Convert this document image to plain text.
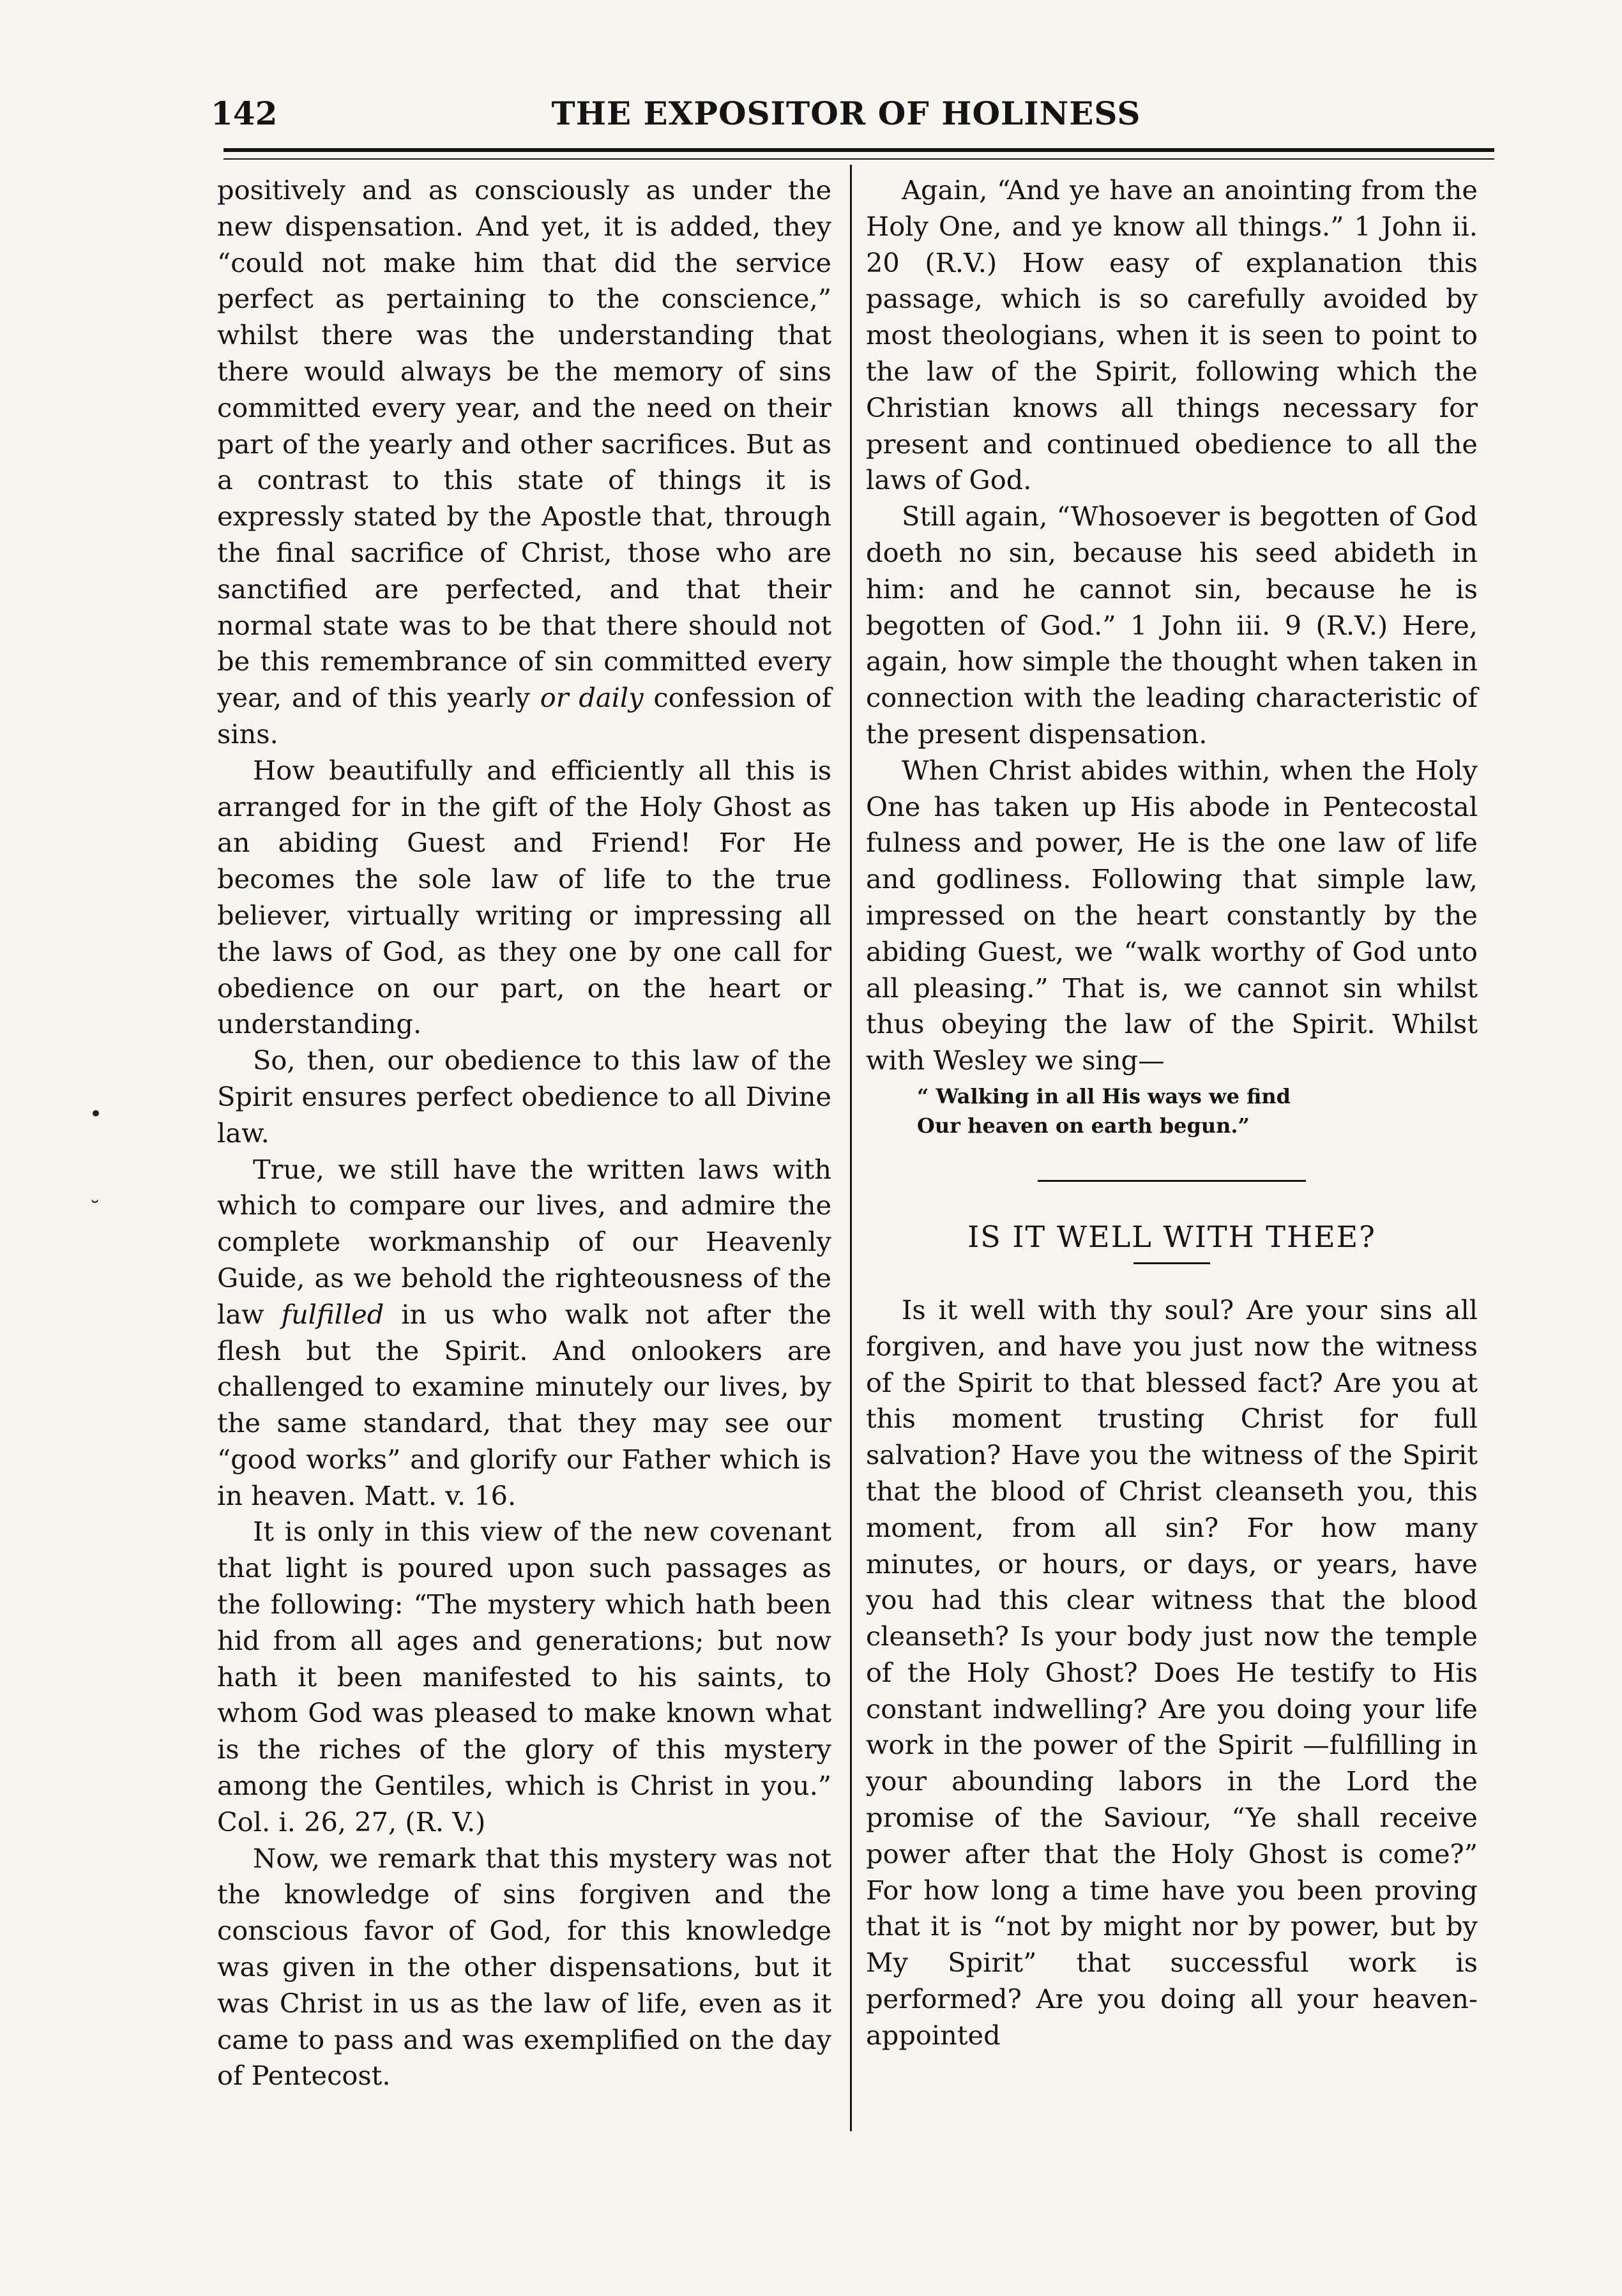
142	THE EXPOSITOR OF HOLINESS
•
˘

positively and as consciously as under the new dispensation. And yet, it is added, they “could not make him that did the service perfect as pertaining to the conscience,” whilst there was the understanding that there would always be the memory of sins committed every year, and the need on their part of the yearly and other sacrifices. But as a contrast to this state of things it is expressly stated by the Apostle that, through the final sacrifice of Christ, those who are sanctified are perfected, and that their normal state was to be that there should not be this remembrance of sin committed every year, and of this yearly or daily confession of sins.

How beautifully and efficiently all this is arranged for in the gift of the Holy Ghost as an abiding Guest and Friend! For He becomes the sole law of life to the true believer, virtually writing or impressing all the laws of God, as they one by one call for obedience on our part, on the heart or understanding.

So, then, our obedience to this law of the Spirit ensures perfect obedience to all Divine law.

True, we still have the written laws with which to compare our lives, and admire the complete workmanship of our Heavenly Guide, as we behold the righteousness of the law fulfilled in us who walk not after the flesh but the Spirit. And onlookers are challenged to examine minutely our lives, by the same standard, that they may see our “good works” and glorify our Father which is in heaven. Matt. v. 16.

It is only in this view of the new covenant that light is poured upon such passages as the following: “The mystery which hath been hid from all ages and generations; but now hath it been manifested to his saints, to whom God was pleased to make known what is the riches of the glory of this mystery among the Gentiles, which is Christ in you.” Col. i. 26, 27, (R. V.)

Now, we remark that this mystery was not the knowledge of sins forgiven and the conscious favor of God, for this knowledge was given in the other dispensations, but it was Christ in us as the law of life, even as it came to pass and was exemplified on the day of Pentecost.

Again, “And ye have an anointing from the Holy One, and ye know all things.” 1 John ii. 20 (R.V.) How easy of explanation this passage, which is so carefully avoided by most theologians, when it is seen to point to the law of the Spirit, following which the Christian knows all things necessary for present and continued obedience to all the laws of God.

Still again, “Whosoever is begotten of God doeth no sin, because his seed abideth in him: and he cannot sin, because he is begotten of God.” 1 John iii. 9 (R.V.) Here, again, how simple the thought when taken in connection with the leading characteristic of the present dispensation.

When Christ abides within, when the Holy One has taken up His abode in Pentecostal fulness and power, He is the one law of life and godliness. Following that simple law, impressed on the heart constantly by the abiding Guest, we “walk worthy of God unto all pleasing.” That is, we cannot sin whilst thus obeying the law of the Spirit. Whilst with Wesley we sing—

“ Walking in all His ways we find
Our heaven on earth begun.”
IS IT WELL WITH THEE?

Is it well with thy soul? Are your sins all forgiven, and have you just now the witness of the Spirit to that blessed fact? Are you at this moment trusting Christ for full salvation? Have you the witness of the Spirit that the blood of Christ cleanseth you, this moment, from all sin? For how many minutes, or hours, or days, or years, have you had this clear witness that the blood cleanseth? Is your body just now the temple of the Holy Ghost? Does He testify to His constant indwelling? Are you doing your life work in the power of the Spirit —fulfilling in your abounding labors in the Lord the promise of the Saviour, “Ye shall receive power after that the Holy Ghost is come?” For how long a time have you been proving that it is “not by might nor by power, but by My Spirit” that successful work is performed? Are you doing all your heaven-appointed
